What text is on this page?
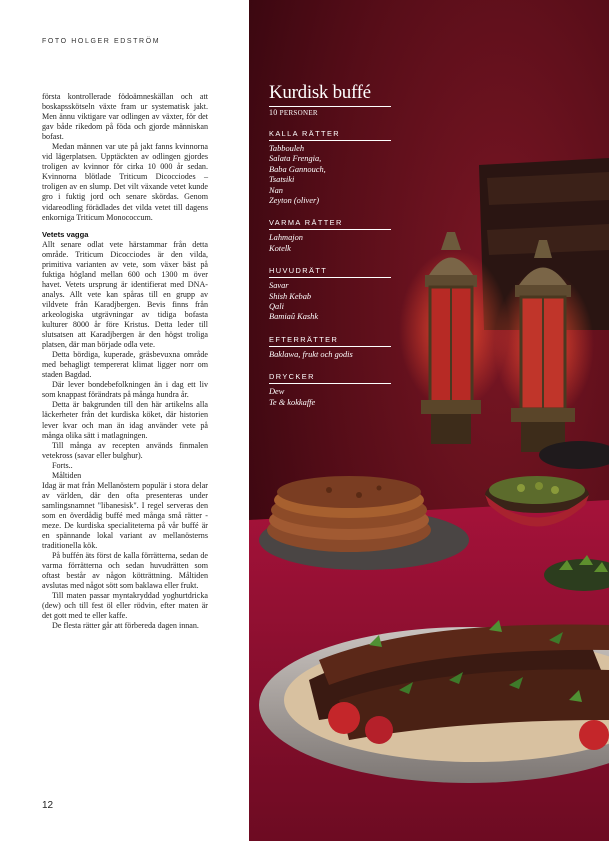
FOTO HOLGER EDSTRÖM

första kontrollerade födoämneskällan och att boskapsskötseln växte fram ur systematisk jakt. Men ännu viktigare var odlingen av växter, för det gav både rikedom på föda och gjorde människan bofast.

Medan männen var ute på jakt fanns kvinnorna vid lägerplatsen. Upptäckten av odlingen gjordes troligen av kvinnor för cirka 10 000 år sedan. Kvinnorna blötlade Triticum Dicocciodes – troligen av en slump. Det vilt växande vetet kunde gro i fuktig jord och senare skördas. Genom vidareodling förädlades det vilda vetet till dagens enkorniga Triticum Monococcum.

Vetets vagga

Allt senare odlat vete härstammar från detta område. Triticum Dicocciodes är den vilda, primitiva varianten av vete, som växer bäst på fuktiga högland mellan 600 och 1300 m över havet. Vetets ursprung är identifierat med DNA-analys. Allt vete kan spåras till en grupp av vildvete från Karadjbergen. Bevis finns från arkeologiska utgrävningar av tidiga bofasta kulturer 8000 år före Kristus. Detta leder till slutsatsen att Karadjbergen är den högst troliga platsen, där man började odla vete.

Detta bördiga, kuperade, gräsbevuxna område med behagligt tempererat klimat ligger norr om staden Bagdad.

Där lever bondebefolkningen än i dag ett liv som knappast förändrats på många hundra år.

Detta är bakgrunden till den här artikelns alla läckerheter från det kurdiska köket, där historien lever kvar och man än idag använder vete på många olika sätt i matlagningen.

Till många av recepten används finmalen vetekross (savar eller bulghur).

Forts..

Måltiden

Idag är mat från Mellanöstern populär i stora delar av världen, där den ofta presenteras under samlingsnamnet "libanesisk". I regel serveras den som en överdådig buffé med många små rätter - meze. De kurdiska specialiteterna på vår buffé är en spännande lokal variant av mellanösterns traditionella kök.

På buffén äts först de kalla förrätterna, sedan de varma förrätterna och sedan huvudrätten som oftast består av någon kötträttning. Måltiden avslutas med något sött som baklawa eller frukt.

Till maten passar myntakryddad yoghurtdricka (dew) och till fest öl eller rödvin, efter maten är det gott med te eller kaffe.

De flesta rätter går att förbereda dagen innan.

12
Kurdisk buffé
10 PERSONER
KALLA RÄTTER
Tabbouleh
Salata Frengia,
Baba Gannouch,
Tsatsiki
Nan
Zeyton (oliver)
VARMA RÄTTER
Lahmajon
Kotelk
HUVUDRÄTT
Savar
Shish Kebab
Qali
Bamiaû Kashk
EFTERRÄTTER
Baklawa, frukt och godis
DRYCKER
Dew
Te & kokkaffe
